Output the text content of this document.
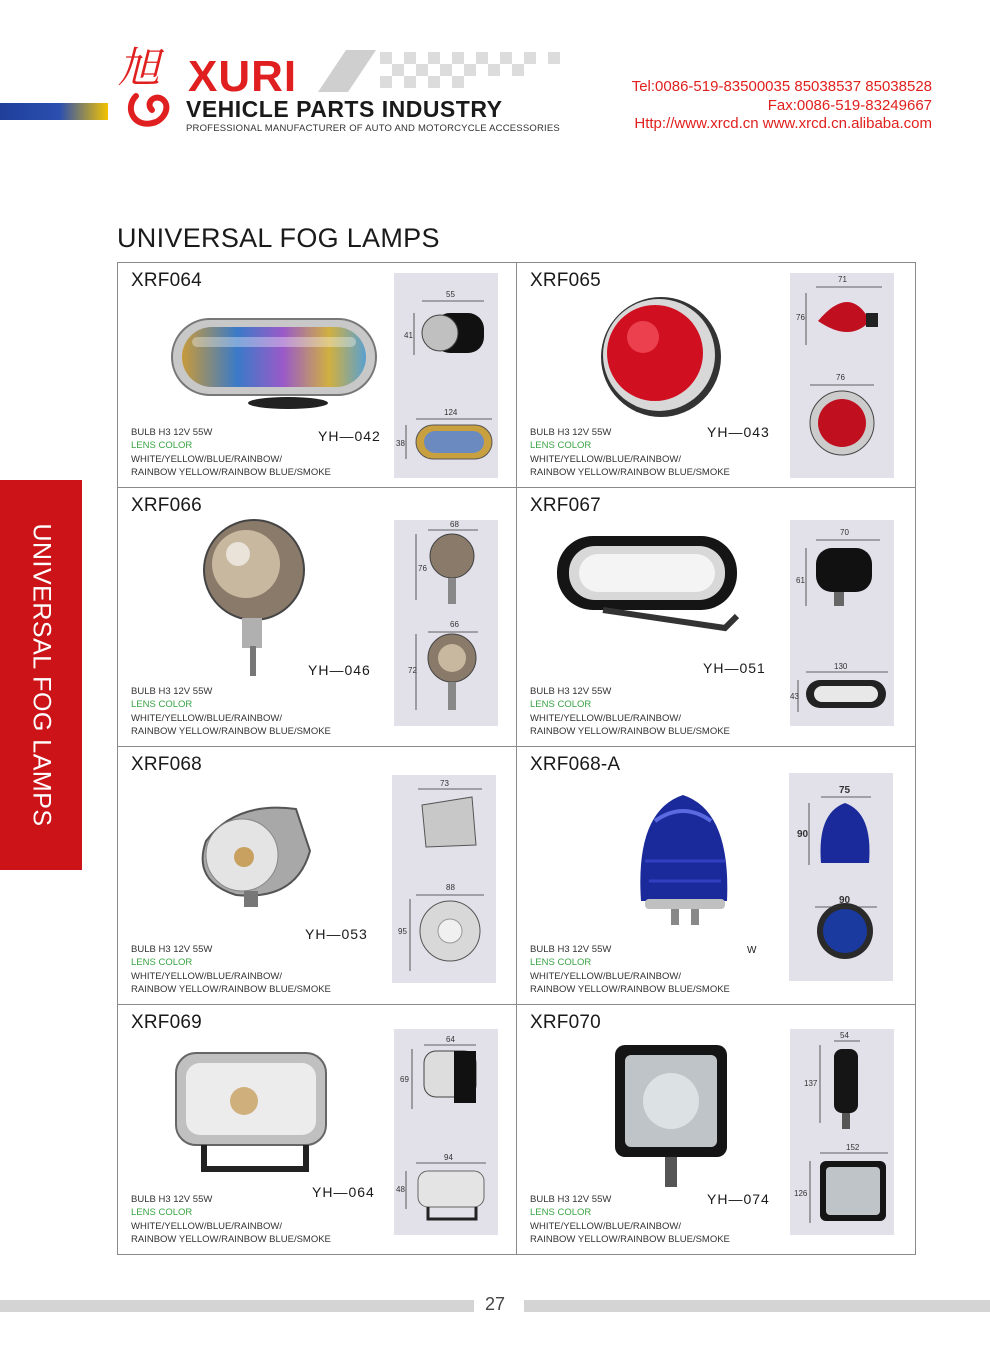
旭 XURI
VEHICLE PARTS INDUSTRY
PROFESSIONAL MANUFACTURER OF AUTO AND MOTORCYCLE ACCESSORIES
Tel:0086-519-83500035 85038537 85038528
Fax:0086-519-83249667
Http://www.xrcd.cn www.xrcd.cn.alibaba.com
UNIVERSAL FOG LAMPS
UNIVERSAL FOG LAMPS
XRF064
YH—042
BULB H3 12V 55W
LENS COLOR
WHITE/YELLOW/BLUE/RAINBOW/
RAINBOW YELLOW/RAINBOW BLUE/SMOKE
55
41
124
38
XRF065
YH—043
BULB H3 12V 55W
LENS COLOR
WHITE/YELLOW/BLUE/RAINBOW/
RAINBOW YELLOW/RAINBOW BLUE/SMOKE
71
76
76
XRF066
YH—046
BULB H3 12V 55W
LENS COLOR
WHITE/YELLOW/BLUE/RAINBOW/
RAINBOW YELLOW/RAINBOW BLUE/SMOKE
68
76
66
72
XRF067
YH—051
BULB H3 12V 55W
LENS COLOR
WHITE/YELLOW/BLUE/RAINBOW/
RAINBOW YELLOW/RAINBOW BLUE/SMOKE
70
61
130
43
XRF068
YH—053
BULB H3 12V 55W
LENS COLOR
WHITE/YELLOW/BLUE/RAINBOW/
RAINBOW YELLOW/RAINBOW BLUE/SMOKE
73
88
95
XRF068-A
W
BULB H3 12V 55W
LENS COLOR
WHITE/YELLOW/BLUE/RAINBOW/
RAINBOW YELLOW/RAINBOW BLUE/SMOKE
75
90
90
XRF069
YH—064
BULB H3 12V 55W
LENS COLOR
WHITE/YELLOW/BLUE/RAINBOW/
RAINBOW YELLOW/RAINBOW BLUE/SMOKE
64
69
94
48
XRF070
YH—074
BULB H3 12V 55W
LENS COLOR
WHITE/YELLOW/BLUE/RAINBOW/
RAINBOW YELLOW/RAINBOW BLUE/SMOKE
54
137
152
126
27
